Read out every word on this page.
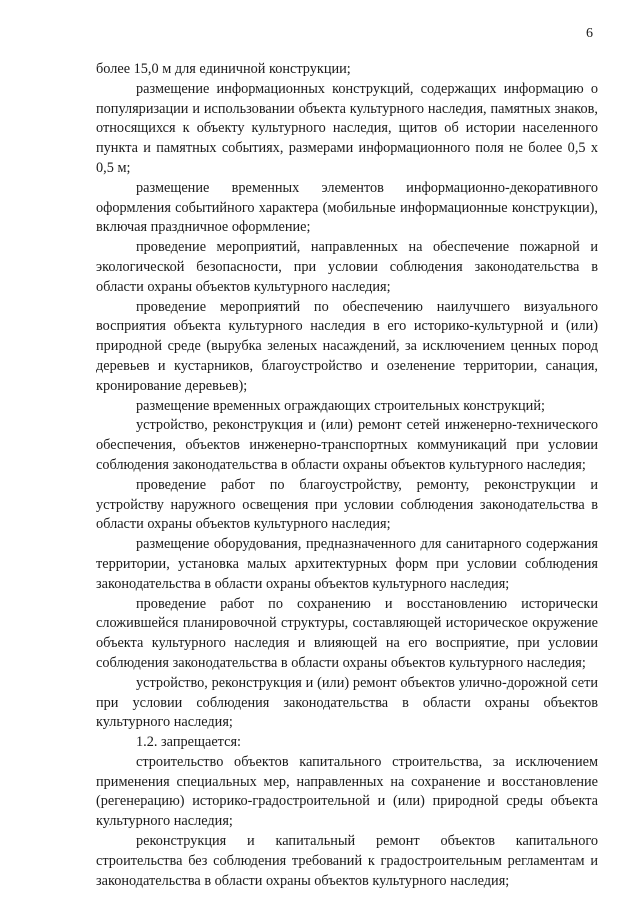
6

более 15,0 м для единичной конструкции;

размещение информационных конструкций, содержащих информацию о популяризации и использовании объекта культурного наследия, памятных знаков, относящихся к объекту культурного наследия, щитов об истории населенного пункта и памятных событиях, размерами информационного поля не более 0,5 х 0,5 м;

размещение временных элементов информационно-декоративного оформления событийного характера (мобильные информационные конструкции), включая праздничное оформление;

проведение мероприятий, направленных на обеспечение пожарной и экологической безопасности, при условии соблюдения законодательства в области охраны объектов культурного наследия;

проведение мероприятий по обеспечению наилучшего визуального восприятия объекта культурного наследия в его историко-культурной и (или) природной среде (вырубка зеленых насаждений, за исключением ценных пород деревьев и кустарников, благоустройство и озеленение территории, санация, кронирование деревьев);

размещение временных ограждающих строительных конструкций;

устройство, реконструкция и (или) ремонт сетей инженерно-технического обеспечения, объектов инженерно-транспортных коммуникаций при условии соблюдения законодательства в области охраны объектов культурного наследия;

проведение работ по благоустройству, ремонту, реконструкции и устройству наружного освещения при условии соблюдения законодательства в области охраны объектов культурного наследия;

размещение оборудования, предназначенного для санитарного содержания территории, установка малых архитектурных форм при условии соблюдения законодательства в области охраны объектов культурного наследия;

проведение работ по сохранению и восстановлению исторически сложившейся планировочной структуры, составляющей историческое окружение объекта культурного наследия и влияющей на его восприятие, при условии соблюдения законодательства в области охраны объектов культурного наследия;

устройство, реконструкция и (или) ремонт объектов улично-дорожной сети при условии соблюдения законодательства в области охраны объектов культурного наследия;

1.2. запрещается:

строительство объектов капитального строительства, за исключением применения специальных мер, направленных на сохранение и восстановление (регенерацию) историко-градостроительной и (или) природной среды объекта культурного наследия;

реконструкция и капитальный ремонт объектов капитального строительства без соблюдения требований к градостроительным регламентам и законодательства в области охраны объектов культурного наследия;
